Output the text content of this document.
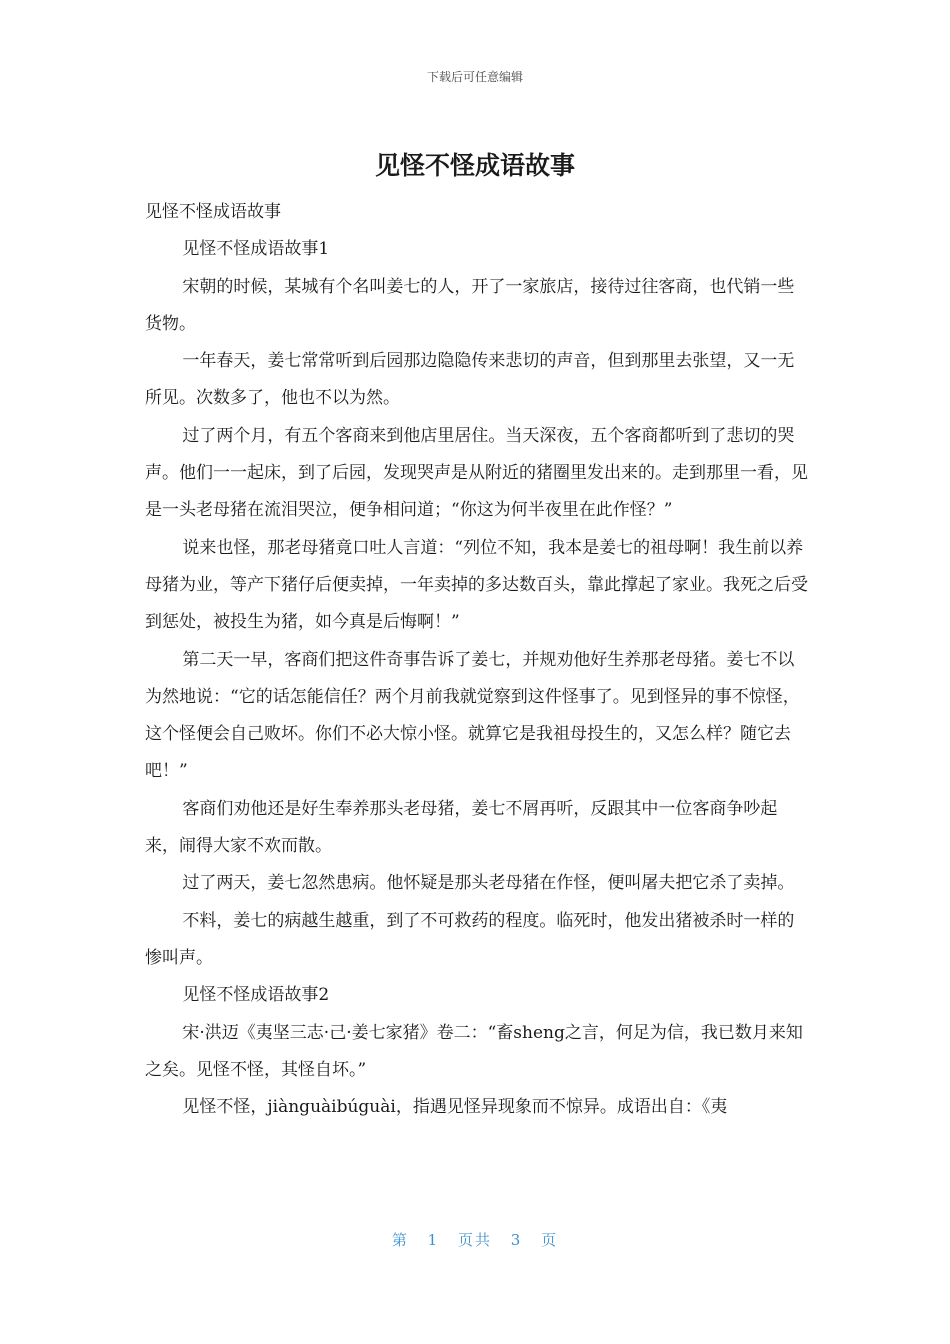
下载后可任意编辑
见怪不怪成语故事

见怪不怪成语故事

见怪不怪成语故事1

宋朝的时候，某城有个名叫姜七的人，开了一家旅店，接待过往客商，也代销一些货物。

一年春天，姜七常常听到后园那边隐隐传来悲切的声音，但到那里去张望，又一无所见。次数多了，他也不以为然。

过了两个月，有五个客商来到他店里居住。当天深夜，五个客商都听到了悲切的哭声。他们一一起床，到了后园，发现哭声是从附近的猪圈里发出来的。走到那里一看，见是一头老母猪在流泪哭泣，便争相问道；“你这为何半夜里在此作怪？”

说来也怪，那老母猪竟口吐人言道：“列位不知，我本是姜七的祖母啊！我生前以养母猪为业，等产下猪仔后便卖掉，一年卖掉的多达数百头，靠此撑起了家业。我死之后受到惩处，被投生为猪，如今真是后悔啊！”

第二天一早，客商们把这件奇事告诉了姜七，并规劝他好生养那老母猪。姜七不以为然地说：“它的话怎能信任？两个月前我就觉察到这件怪事了。见到怪异的事不惊怪，这个怪便会自己败坏。你们不必大惊小怪。就算它是我祖母投生的，又怎么样？随它去吧！”

客商们劝他还是好生奉养那头老母猪，姜七不屑再听，反跟其中一位客商争吵起来，闹得大家不欢而散。

过了两天，姜七忽然患病。他怀疑是那头老母猪在作怪，便叫屠夫把它杀了卖掉。

不料，姜七的病越生越重，到了不可救药的程度。临死时，他发出猪被杀时一样的惨叫声。

见怪不怪成语故事2

宋·洪迈《夷坚三志·己·姜七家猪》卷二：“畜sheng之言，何足为信，我已数月来知之矣。见怪不怪，其怪自坏。”

见怪不怪，jiànguàibúguài，指遇见怪异现象而不惊异。成语出自：《夷

第 1 页共 3 页
